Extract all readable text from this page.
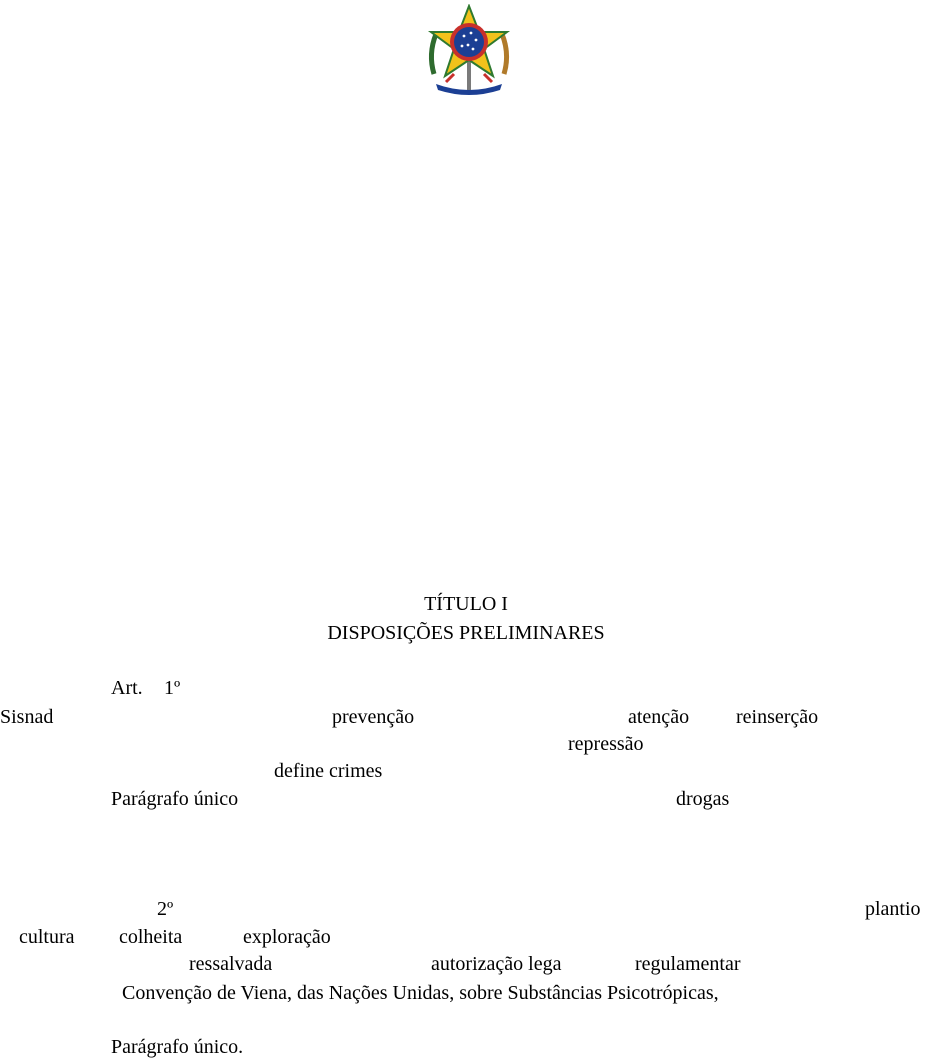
TÍTULO I
DISPOSIÇÕES PRELIMINARES
Art. 1º
Sisnad	prevenção	atenção reinserção
repressão
define crimes
Parágrafo único	drogas
2º	plantio
cultura colheita	exploração
ressalvada	autorização lega	regulamentar
Convenção de Viena, das Nações Unidas, sobre Substâncias Psicotrópicas,
Parágrafo único.
